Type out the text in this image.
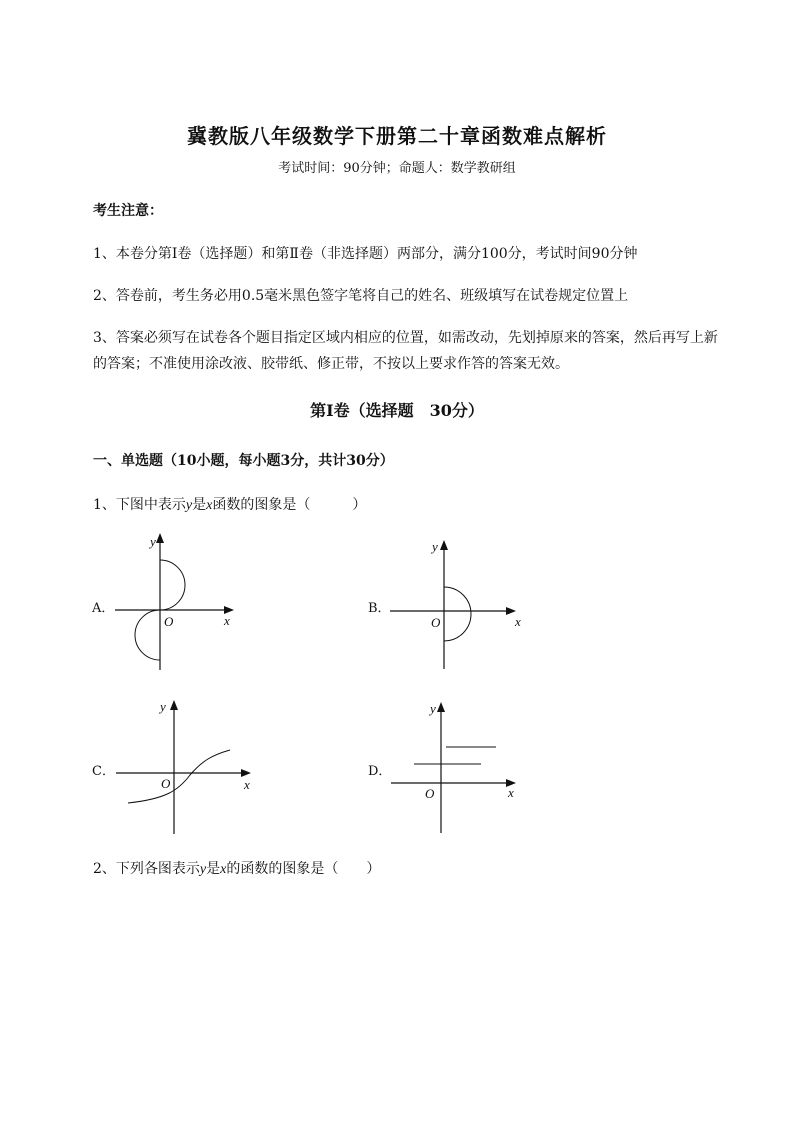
冀教版八年级数学下册第二十章函数难点解析
考试时间：90分钟；命题人：数学教研组
考生注意：
1、本卷分第I卷（选择题）和第Ⅱ卷（非选择题）两部分，满分100分，考试时间90分钟
2、答卷前，考生务必用0.5毫米黑色签字笔将自己的姓名、班级填写在试卷规定位置上
3、答案必须写在试卷各个题目指定区域内相应的位置，如需改动，先划掉原来的答案，然后再写上新
的答案；不准使用涂改液、胶带纸、修正带，不按以上要求作答的答案无效。
第I卷（选择题　30分）
一、单选题（10小题，每小题3分，共计30分）
1、下图中表示y是x函数的图象是（　　　）
A．
y
x
O
B．
y
x
O
C．
y
x
O
D．
y
x
O
2、下列各图表示y是x的函数的图象是（　　）
